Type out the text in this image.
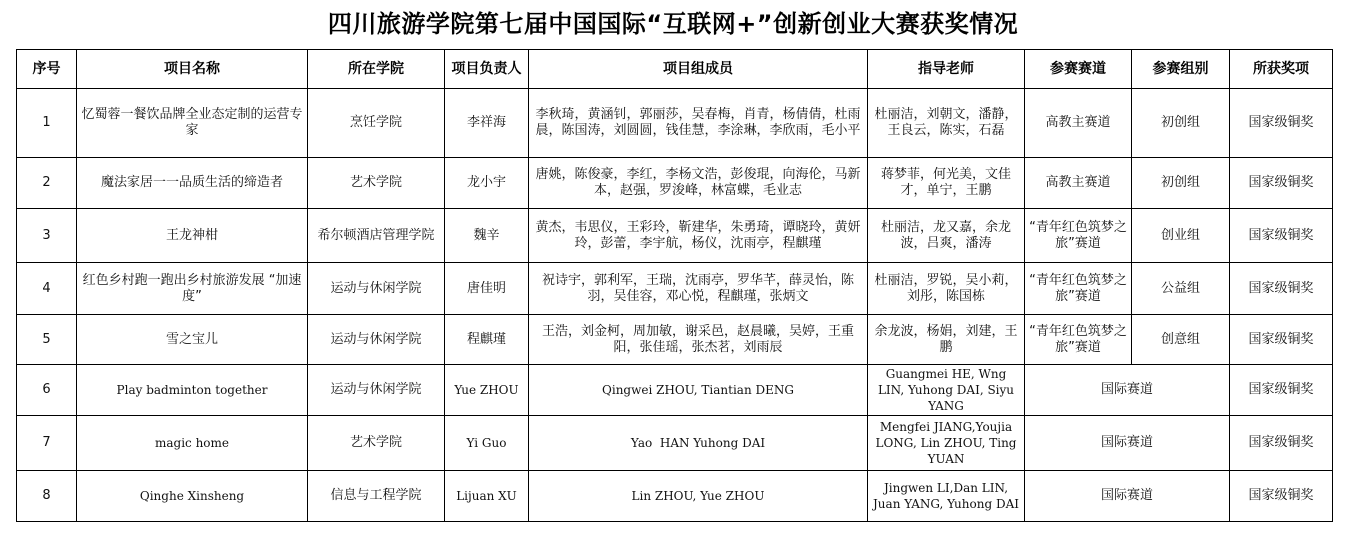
四川旅游学院第七届中国国际“互联网+”创新创业大赛获奖情况
序号	项目名称	所在学院	项目负责人	项目组成员	指导老师	参赛赛道	参赛组别	所获奖项
1	忆蜀蓉一餐饮品牌全业态定制的运营专家	烹饪学院	李祥海	李秋琦，黄涵钊，郭丽莎，吴春梅，肖青，杨倩倩，杜雨晨，陈国涛，刘圆圆，钱佳慧，李涂琳，李欣雨，毛小平	杜丽洁，刘朝文，潘静，王良云，陈实，石磊	高教主赛道	初创组	国家级铜奖
2	魔法家居一一品质生活的缔造者	艺术学院	龙小宇	唐姚，陈俊豪，李红，李杨文浩，彭俊琨，向海伦，马新本，赵强，罗浚峰，林富蝶，毛业志	蒋梦菲，何光美，文佳才，单宁，王鹏	高教主赛道	初创组	国家级铜奖
3	王龙神柑	希尔顿酒店管理学院	魏辛	黄杰，韦思仪，王彩玲，靳建华，朱勇琦，谭晓玲，黄妍玲，彭蕾，李宇航，杨仪，沈雨亭，程麒瑾	杜丽洁，龙又嘉，余龙波，吕爽，潘涛	“青年红色筑梦之旅”赛道	创业组	国家级铜奖
4	红色乡村跑一跑出乡村旅游发展 “加速度”	运动与休闲学院	唐佳明	祝诗宇，郭利军，王瑞，沈雨亭，罗华芊，薛灵怡，陈羽，吴佳容，邓心悦，程麒瑾，张炳文	杜丽洁，罗锐，吴小莉，刘彤，陈国栋	“青年红色筑梦之旅”赛道	公益组	国家级铜奖
5	雪之宝儿	运动与休闲学院	程麒瑾	王浩，刘金柯，周加敏，谢采邑，赵晨曦，吴婷，王重阳，张佳瑶，张杰茗，刘雨辰	余龙波，杨娟，刘建，王鹏	“青年红色筑梦之旅”赛道	创意组	国家级铜奖
6	Play badminton together	运动与休闲学院	Yue ZHOU	Qingwei ZHOU, Tiantian DENG	Guangmei HE, Wng LIN, Yuhong DAI, Siyu YANG	国际赛道		国家级铜奖
7	magic home	艺术学院	Yi Guo	Yao  HAN Yuhong DAI	Mengfei JIANG,Youjia LONG, Lin ZHOU, Ting YUAN	国际赛道		国家级铜奖
8	Qinghe Xinsheng	信息与工程学院	Lijuan XU	Lin ZHOU, Yue ZHOU	Jingwen LI,Dan LIN, Juan YANG, Yuhong DAI	国际赛道		国家级铜奖
